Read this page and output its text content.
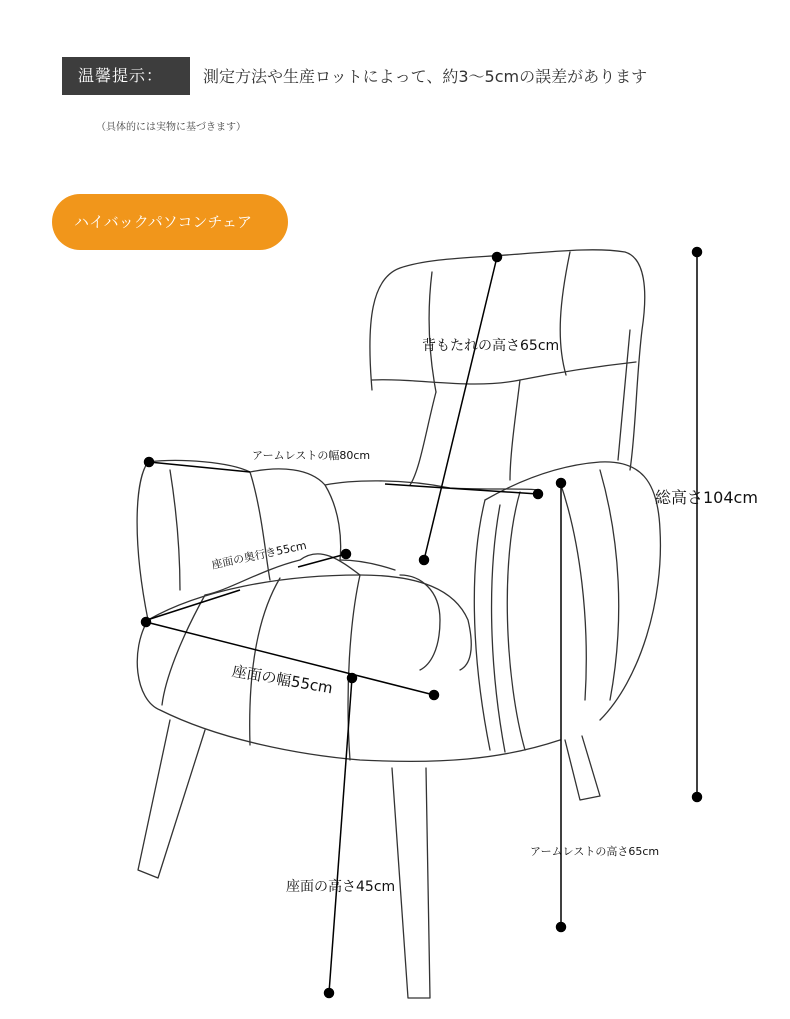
温馨提示：	測定方法や生産ロットによって、約3～5cmの誤差があります
（具体的には実物に基づきます）
ハイバックパソコンチェア
背もたれの高さ65cm
アームレストの幅80cm
総高さ104cm
座面の奥行き55cm
座面の幅55cm
アームレストの高さ65cm
座面の高さ45cm
